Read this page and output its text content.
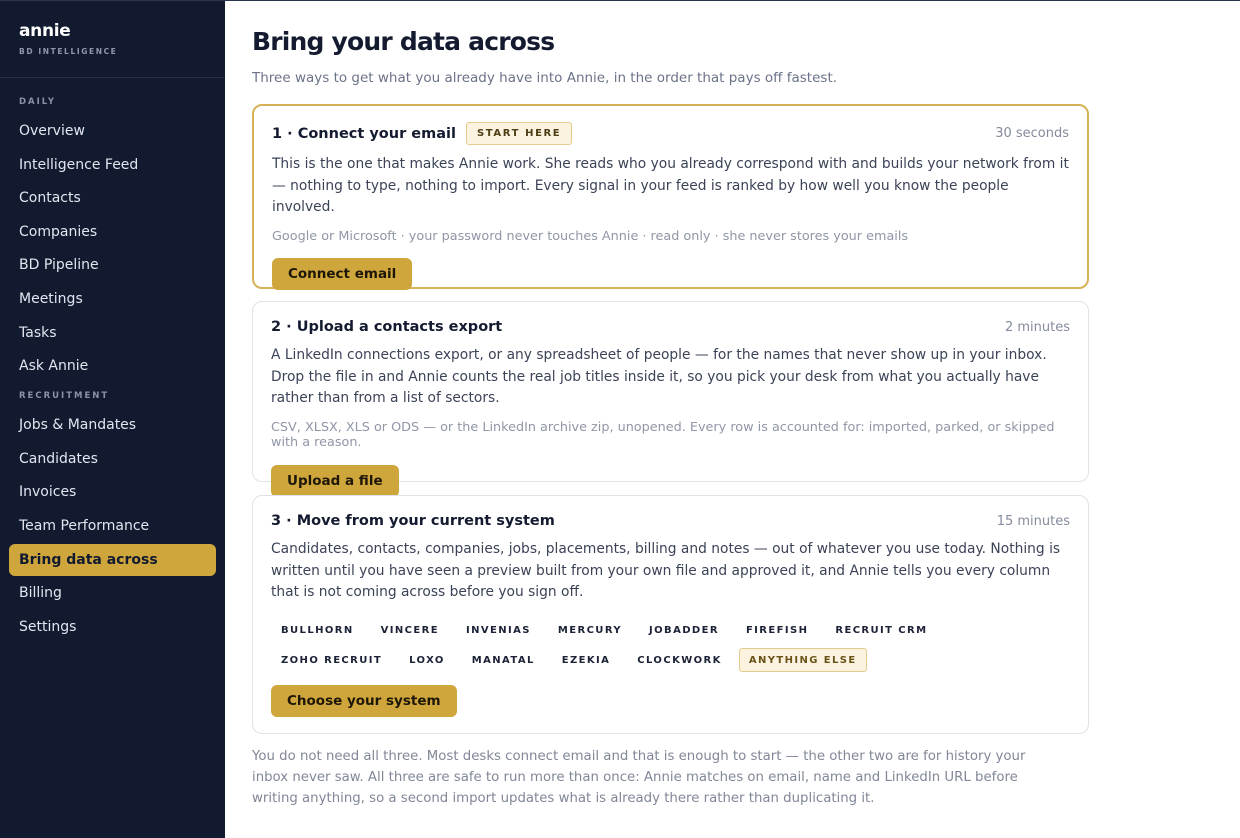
annie
BD INTELLIGENCE
DAILY
Overview
Intelligence Feed
Contacts
Companies
BD Pipeline
Meetings
Tasks
Ask Annie
RECRUITMENT
Jobs & Mandates
Candidates
Invoices
Team Performance
Bring data across
Billing
Settings
Bring your data across

Three ways to get what you already have into Annie, in the order that pays off fastest.

1 · Connect your email	START HERE	30 seconds

This is the one that makes Annie work. She reads who you already correspond with and builds your network from it — nothing to type, nothing to import. Every signal in your feed is ranked by how well you know the people involved.

Google or Microsoft · your password never touches Annie · read only · she never stores your emails

Connect email
2 · Upload a contacts export	2 minutes

A LinkedIn connections export, or any spreadsheet of people — for the names that never show up in your inbox. Drop the file in and Annie counts the real job titles inside it, so you pick your desk from what you actually have rather than from a list of sectors.

CSV, XLSX, XLS or ODS — or the LinkedIn archive zip, unopened. Every row is accounted for: imported, parked, or skipped with a reason.

Upload a file
3 · Move from your current system	15 minutes

Candidates, contacts, companies, jobs, placements, billing and notes — out of whatever you use today. Nothing is written until you have seen a preview built from your own file and approved it, and Annie tells you every column that is not coming across before you sign off.

BULLHORN	VINCERE	INVENIAS	MERCURY	JOBADDER	FIREFISH	RECRUIT CRM
ZOHO RECRUIT	LOXO	MANATAL	EZEKIA	CLOCKWORK	ANYTHING ELSE
Choose your system

You do not need all three. Most desks connect email and that is enough to start — the other two are for history your inbox never saw. All three are safe to run more than once: Annie matches on email, name and LinkedIn URL before writing anything, so a second import updates what is already there rather than duplicating it.
